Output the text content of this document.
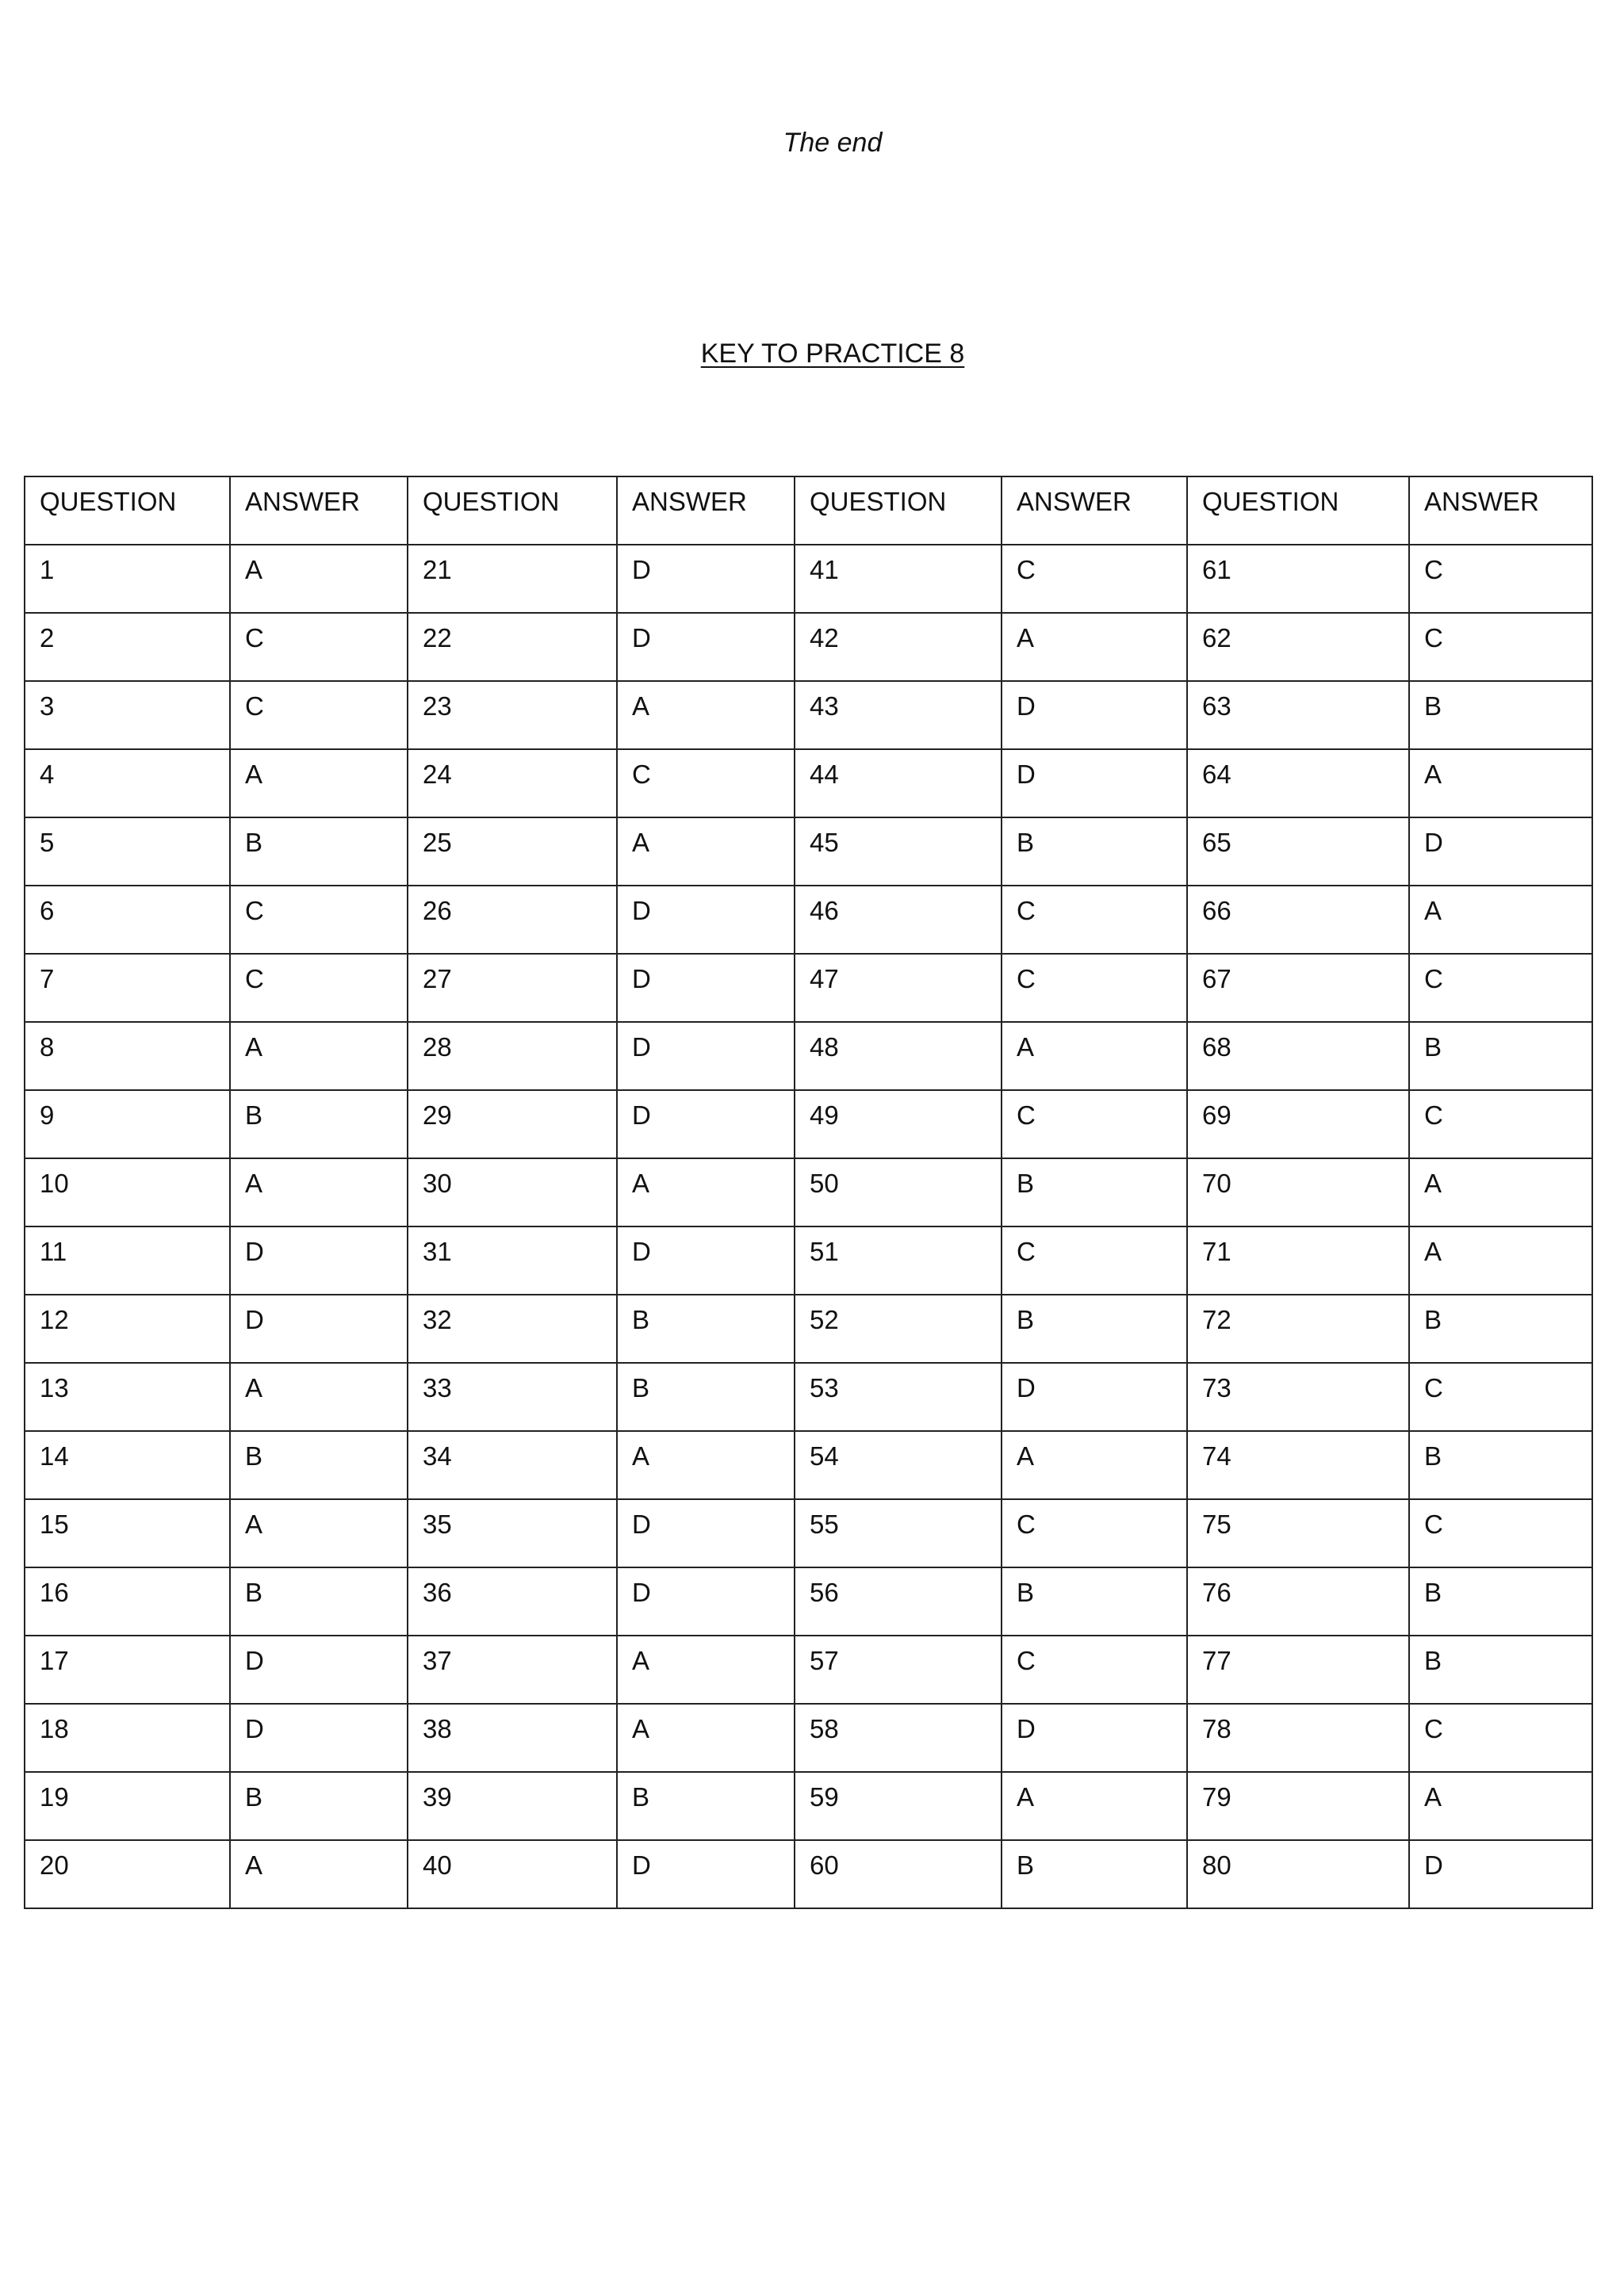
The end
KEY TO PRACTICE 8
QUESTION	ANSWER	QUESTION	ANSWER	QUESTION	ANSWER	QUESTION	ANSWER
1	A	21	D	41	C	61	C
2	C	22	D	42	A	62	C
3	C	23	A	43	D	63	B
4	A	24	C	44	D	64	A
5	B	25	A	45	B	65	D
6	C	26	D	46	C	66	A
7	C	27	D	47	C	67	C
8	A	28	D	48	A	68	B
9	B	29	D	49	C	69	C
10	A	30	A	50	B	70	A
11	D	31	D	51	C	71	A
12	D	32	B	52	B	72	B
13	A	33	B	53	D	73	C
14	B	34	A	54	A	74	B
15	A	35	D	55	C	75	C
16	B	36	D	56	B	76	B
17	D	37	A	57	C	77	B
18	D	38	A	58	D	78	C
19	B	39	B	59	A	79	A
20	A	40	D	60	B	80	D
